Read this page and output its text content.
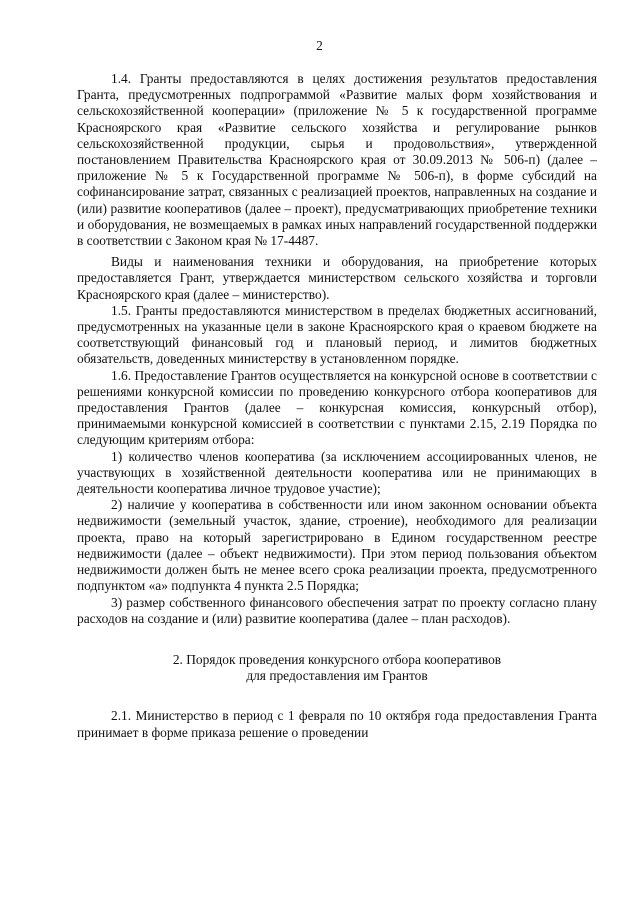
2

1.4. Гранты предоставляются в целях достижения результатов предоставления Гранта, предусмотренных подпрограммой «Развитие малых форм хозяйствования и сельскохозяйственной кооперации» (приложение № 5 к государственной программе Красноярского края «Развитие сельского хозяйства и регулирование рынков сельскохозяйственной продукции, сырья и продовольствия», утвержденной постановлением Правительства Красноярского края от 30.09.2013 № 506-п) (далее – приложение № 5 к Государственной программе № 506-п), в форме субсидий на софинансирование затрат, связанных с реализацией проектов, направленных на создание и (или) развитие кооперативов (далее – проект), предусматривающих приобретение техники и оборудования, не возмещаемых в рамках иных направлений государственной поддержки в соответствии с Законом края № 17-4487.

Виды и наименования техники и оборудования, на приобретение которых предоставляется Грант, утверждается министерством сельского хозяйства и торговли Красноярского края (далее – министерство).

1.5. Гранты предоставляются министерством в пределах бюджетных ассигнований, предусмотренных на указанные цели в законе Красноярского края о краевом бюджете на соответствующий финансовый год и плановый период, и лимитов бюджетных обязательств, доведенных министерству в установленном порядке.

1.6. Предоставление Грантов осуществляется на конкурсной основе в соответствии с решениями конкурсной комиссии по проведению конкурсного отбора кооперативов для предоставления Грантов (далее – конкурсная комиссия, конкурсный отбор), принимаемыми конкурсной комиссией в соответствии с пунктами 2.15, 2.19 Порядка по следующим критериям отбора:

1) количество членов кооператива (за исключением ассоциированных членов, не участвующих в хозяйственной деятельности кооператива или не принимающих в деятельности кооператива личное трудовое участие);

2) наличие у кооператива в собственности или ином законном основании объекта недвижимости (земельный участок, здание, строение), необходимого для реализации проекта, право на который зарегистрировано в Едином государственном реестре недвижимости (далее – объект недвижимости). При этом период пользования объектом недвижимости должен быть не менее всего срока реализации проекта, предусмотренного подпунктом «а» подпункта 4 пункта 2.5 Порядка;

3) размер собственного финансового обеспечения затрат по проекту согласно плану расходов на создание и (или) развитие кооператива (далее – план расходов).

2. Порядок проведения конкурсного отбора кооперативов
для предоставления им Грантов

2.1. Министерство в период с 1 февраля по 10 октября года предоставления Гранта принимает в форме приказа решение о проведении
